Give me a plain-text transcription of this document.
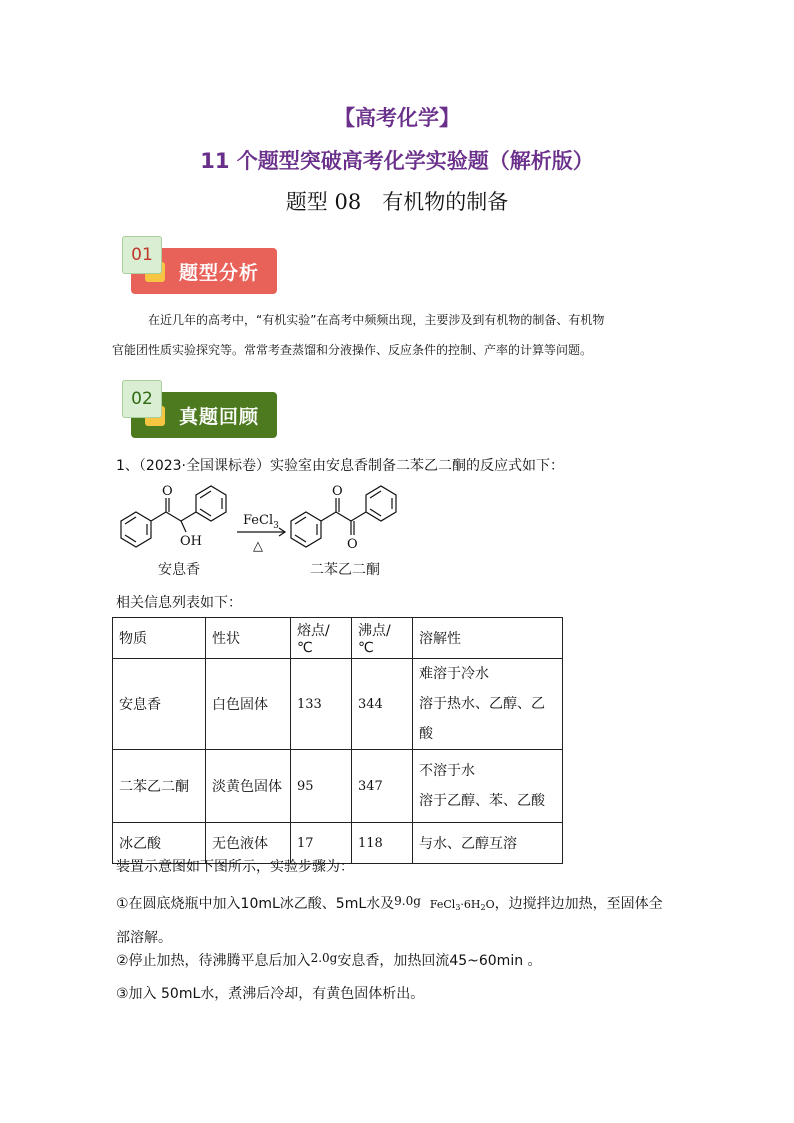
【高考化学】
11 个题型突破高考化学实验题（解析版）
题型 08　有机物的制备
题型分析
01
在近几年的高考中，“有机实验”在高考中频频出现，主要涉及到有机物的制备、有机物
官能团性质实验探究等。常常考查蒸馏和分液操作、反应条件的控制、产率的计算等问题。
真题回顾
02
1、（2023·全国课标卷）实验室由安息香制备二苯乙二酮的反应式如下：
O
OH
O
O
FeCl$_3$
△
安息香	二苯乙二酮
相关信息列表如下：
物质	性状	熔点/℃	沸点/℃	溶解性
安息香	白色固体	133	344	难溶于冷水
溶于热水、乙醇、乙酸

二苯乙二酮	淡黄色固体	95	347	不溶于水
溶于乙醇、苯、乙酸

冰乙酸	无色液体	17	118	与水、乙醇互溶
装置示意图如下图所示，实验步骤为：
①在圆底烧瓶中加入10mL冰乙酸、5mL水及9.0g $FeCl_3\cdot 6H_2O$，边搅拌边加热，至固体全
部溶解。
②停止加热，待沸腾平息后加入2.0g安息香，加热回流45~60min 。
③加入 50mL水，煮沸后冷却，有黄色固体析出。
